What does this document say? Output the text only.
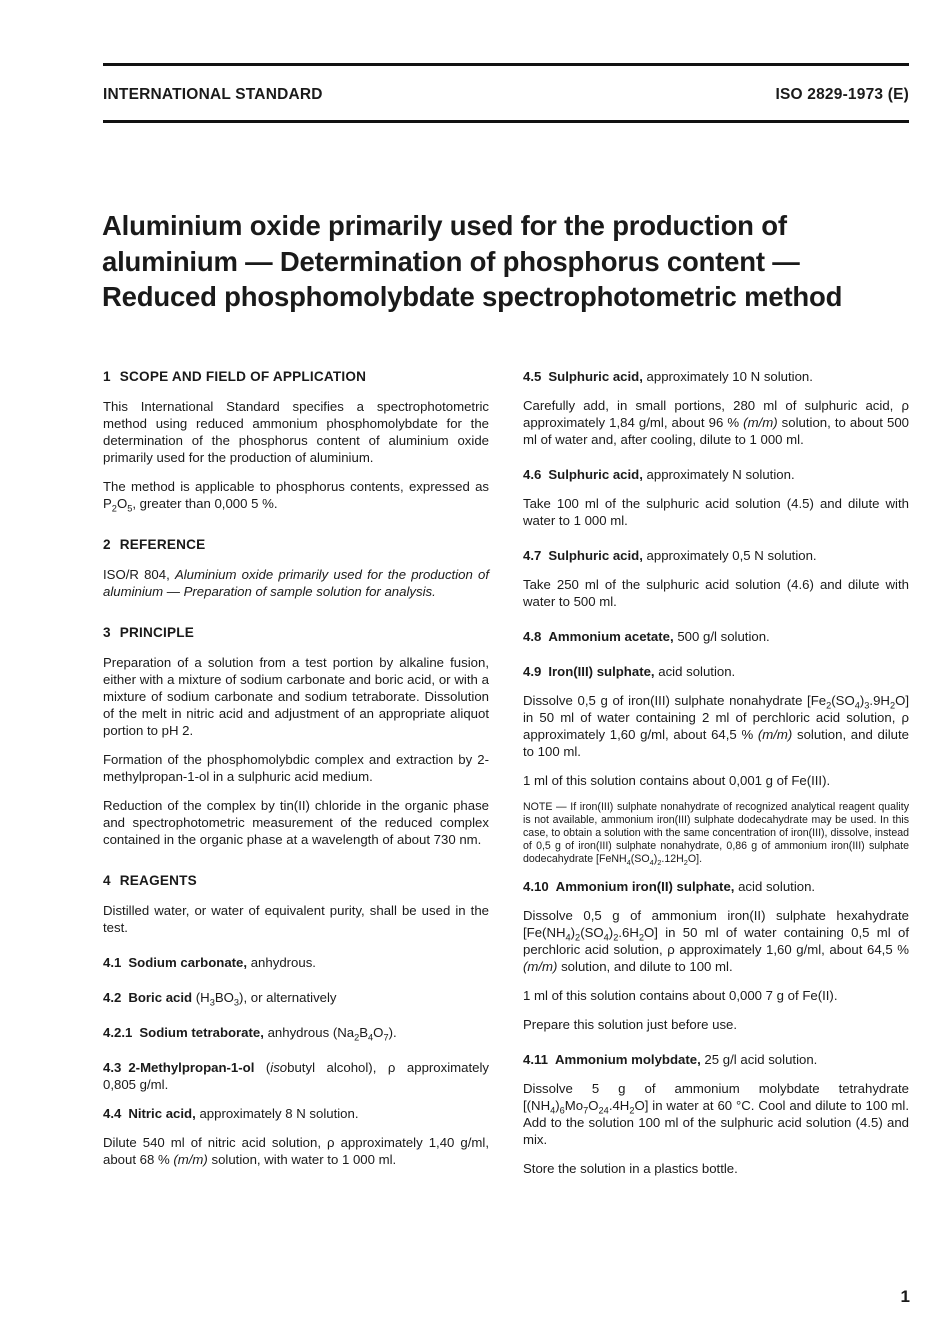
INTERNATIONAL STANDARD	ISO 2829-1973 (E)
Aluminium oxide primarily used for the production of aluminium — Determination of phosphorus content — Reduced phosphomolybdate spectrophotometric method
1 SCOPE AND FIELD OF APPLICATION

This International Standard specifies a spectrophotometric method using reduced ammonium phosphomolybdate for the determination of the phosphorus content of aluminium oxide primarily used for the production of aluminium.

The method is applicable to phosphorus contents, expressed as $P_2O_5$, greater than 0,000 5 %.

2 REFERENCE

ISO/R 804, Aluminium oxide primarily used for the production of aluminium — Preparation of sample solution for analysis.

3 PRINCIPLE

Preparation of a solution from a test portion by alkaline fusion, either with a mixture of sodium carbonate and boric acid, or with a mixture of sodium carbonate and sodium tetraborate. Dissolution of the melt in nitric acid and adjustment of an appropriate aliquot portion to pH 2.

Formation of the phosphomolybdic complex and extraction by 2-methylpropan-1-ol in a sulphuric acid medium.

Reduction of the complex by tin(II) chloride in the organic phase and spectrophotometric measurement of the reduced complex contained in the organic phase at a wavelength of about 730 nm.

4 REAGENTS

Distilled water, or water of equivalent purity, shall be used in the test.

4.1 Sodium carbonate, anhydrous.

4.2 Boric acid $(H_3BO_3)$, or alternatively

4.2.1 Sodium tetraborate, anhydrous $(Na_2B_4O_7)$.

4.3 2-Methylpropan-1-ol (isobutyl alcohol), ρ approximately 0,805 g/ml.

4.4 Nitric acid, approximately 8 N solution.

Dilute 540 ml of nitric acid solution, ρ approximately 1,40 g/ml, about 68 % (m/m) solution, with water to 1 000 ml.

4.5 Sulphuric acid, approximately 10 N solution.

Carefully add, in small portions, 280 ml of sulphuric acid, ρ approximately 1,84 g/ml, about 96 % (m/m) solution, to about 500 ml of water and, after cooling, dilute to 1 000 ml.

4.6 Sulphuric acid, approximately N solution.

Take 100 ml of the sulphuric acid solution (4.5) and dilute with water to 1 000 ml.

4.7 Sulphuric acid, approximately 0,5 N solution.

Take 250 ml of the sulphuric acid solution (4.6) and dilute with water to 500 ml.

4.8 Ammonium acetate, 500 g/l solution.

4.9 Iron(III) sulphate, acid solution.

Dissolve 0,5 g of iron(III) sulphate nonahydrate $[Fe_2(SO_4)_3.9H_2O]$ in 50 ml of water containing 2 ml of perchloric acid solution, ρ approximately 1,60 g/ml, about 64,5 % (m/m) solution, and dilute to 100 ml.

1 ml of this solution contains about 0,001 g of Fe(III).

NOTE — If iron(III) sulphate nonahydrate of recognized analytical reagent quality is not available, ammonium iron(III) sulphate dodecahydrate may be used. In this case, to obtain a solution with the same concentration of iron(III), dissolve, instead of 0,5 g of iron(III) sulphate nonahydrate, 0,86 g of ammonium iron(III) sulphate dodecahydrate $[FeNH_4(SO_4)_2.12H_2O]$.

4.10 Ammonium iron(II) sulphate, acid solution.

Dissolve 0,5 g of ammonium iron(II) sulphate hexahydrate $[Fe(NH_4)_2(SO_4)_2.6H_2O]$ in 50 ml of water containing 0,5 ml of perchloric acid solution, ρ approximately 1,60 g/ml, about 64,5 % (m/m) solution, and dilute to 100 ml.

1 ml of this solution contains about 0,000 7 g of Fe(II).

Prepare this solution just before use.

4.11 Ammonium molybdate, 25 g/l acid solution.

Dissolve 5 g of ammonium molybdate tetrahydrate $[(NH_4)_6Mo_7O_{24}.4H_2O]$ in water at 60 °C. Cool and dilute to 100 ml. Add to the solution 100 ml of the sulphuric acid solution (4.5) and mix.

Store the solution in a plastics bottle.

1
